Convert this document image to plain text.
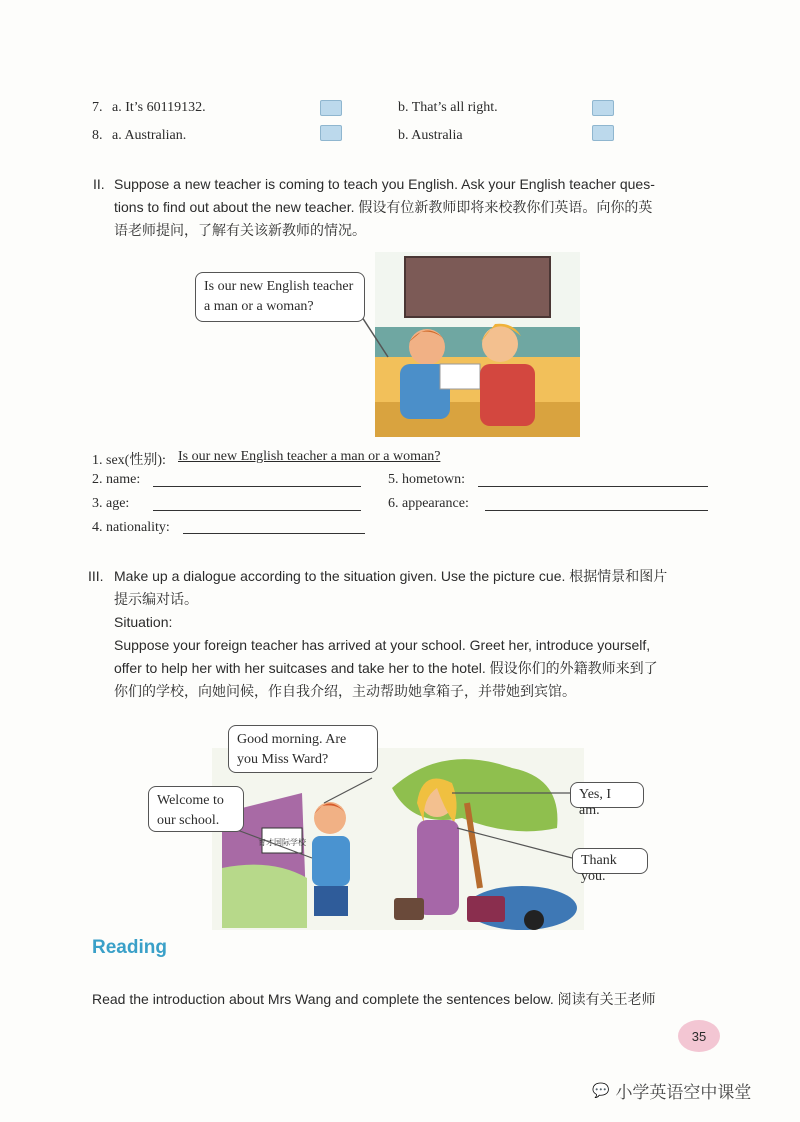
7. a. It’s 60119132.	b. That’s all right.
8. a. Australian.	b. Australia
II. Suppose a new teacher is coming to teach you English. Ask your English teacher ques-
tions to find out about the new teacher. 假设有位新教师即将来校教你们英语。向你的英
语老师提问，了解有关该新教师的情况。
Is our new English teacher a man or a woman?
1. sex(性别): Is our new English teacher a man or a woman?
2. name:
3. age:
4. nationality:
5. hometown:
6. appearance:
III. Make up a dialogue according to the situation given. Use the picture cue. 根据情景和图片
提示编对话。
Situation:
Suppose your foreign teacher has arrived at your school. Greet her, introduce yourself,
offer to help her with her suitcases and take her to the hotel. 假设你们的外籍教师来到了
你们的学校，向她问候，作自我介绍，主动帮助她拿箱子，并带她到宾馆。
育才国际学校
Good morning. Are you Miss Ward?
Welcome to our school.
Yes, I am.
Thank you.
Reading
Read the introduction about Mrs Wang and complete the sentences below. 阅读有关王老师
35
💬 小学英语空中课堂
